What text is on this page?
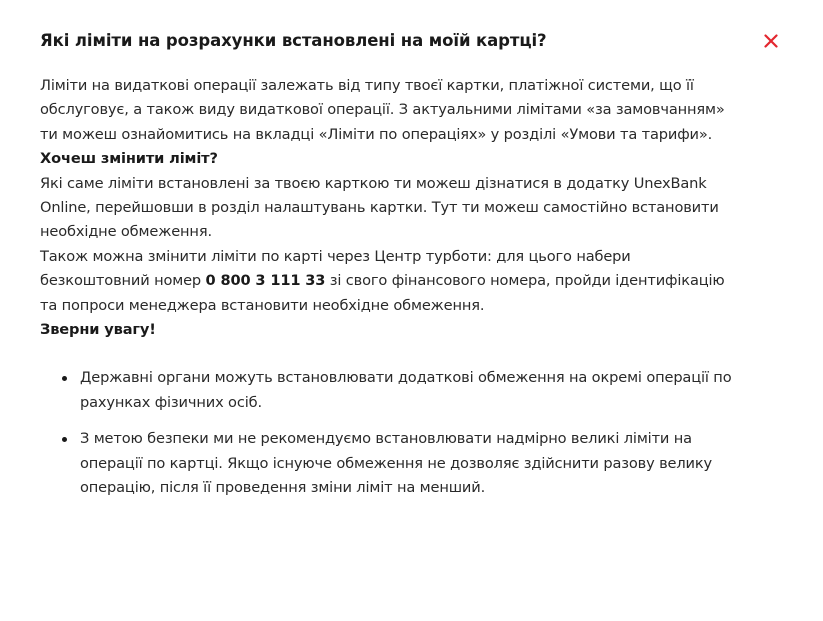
Які ліміти на розрахунки встановлені на моїй картці?

Ліміти на видаткові операції залежать від типу твоєї картки, платіжної системи, що її обслуговує, а також виду видаткової операції. З актуальними лімітами «за замовчанням» ти можеш ознайомитись на вкладці «Ліміти по операціях» у розділі «Умови та тарифи».

Хочеш змінити ліміт?

Які саме ліміти встановлені за твоєю карткою ти можеш дізнатися в додатку UnexBank Online, перейшовши в розділ налаштувань картки. Тут ти можеш самостійно встановити необхідне обмеження.

Також можна змінити ліміти по карті через Центр турботи: для цього набери безкоштовний номер 0 800 3 111 33 зі свого фінансового номера, пройди ідентифікацію та попроси менеджера встановити необхідне обмеження.

Зверни увагу!

Державні органи можуть встановлювати додаткові обмеження на окремі операції по рахунках фізичних осіб.
З метою безпеки ми не рекомендуємо встановлювати надмірно великі ліміти на операції по картці. Якщо існуюче обмеження не дозволяє здійснити разову велику операцію, після її проведення зміни ліміт на менший.
